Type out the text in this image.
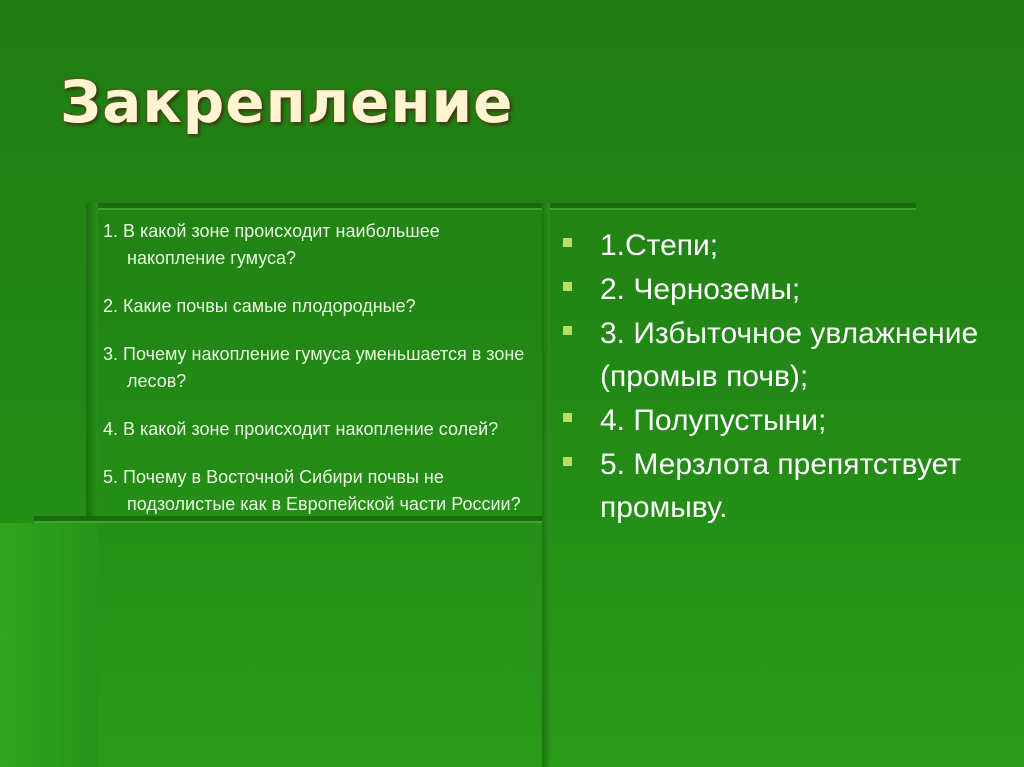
Закрепление
1. В какой зоне происходит наибольшее накопление гумуса?
2. Какие почвы самые плодородные?
3. Почему накопление гумуса уменьшается в зоне лесов?
4. В какой зоне происходит накопление солей?
5. Почему в Восточной Сибири почвы не подзолистые как в Европейской части России?
1.Степи;
2. Черноземы;
3. Избыточное увлажнение (промыв почв);
4. Полупустыни;
5. Мерзлота препятствует промыву.
